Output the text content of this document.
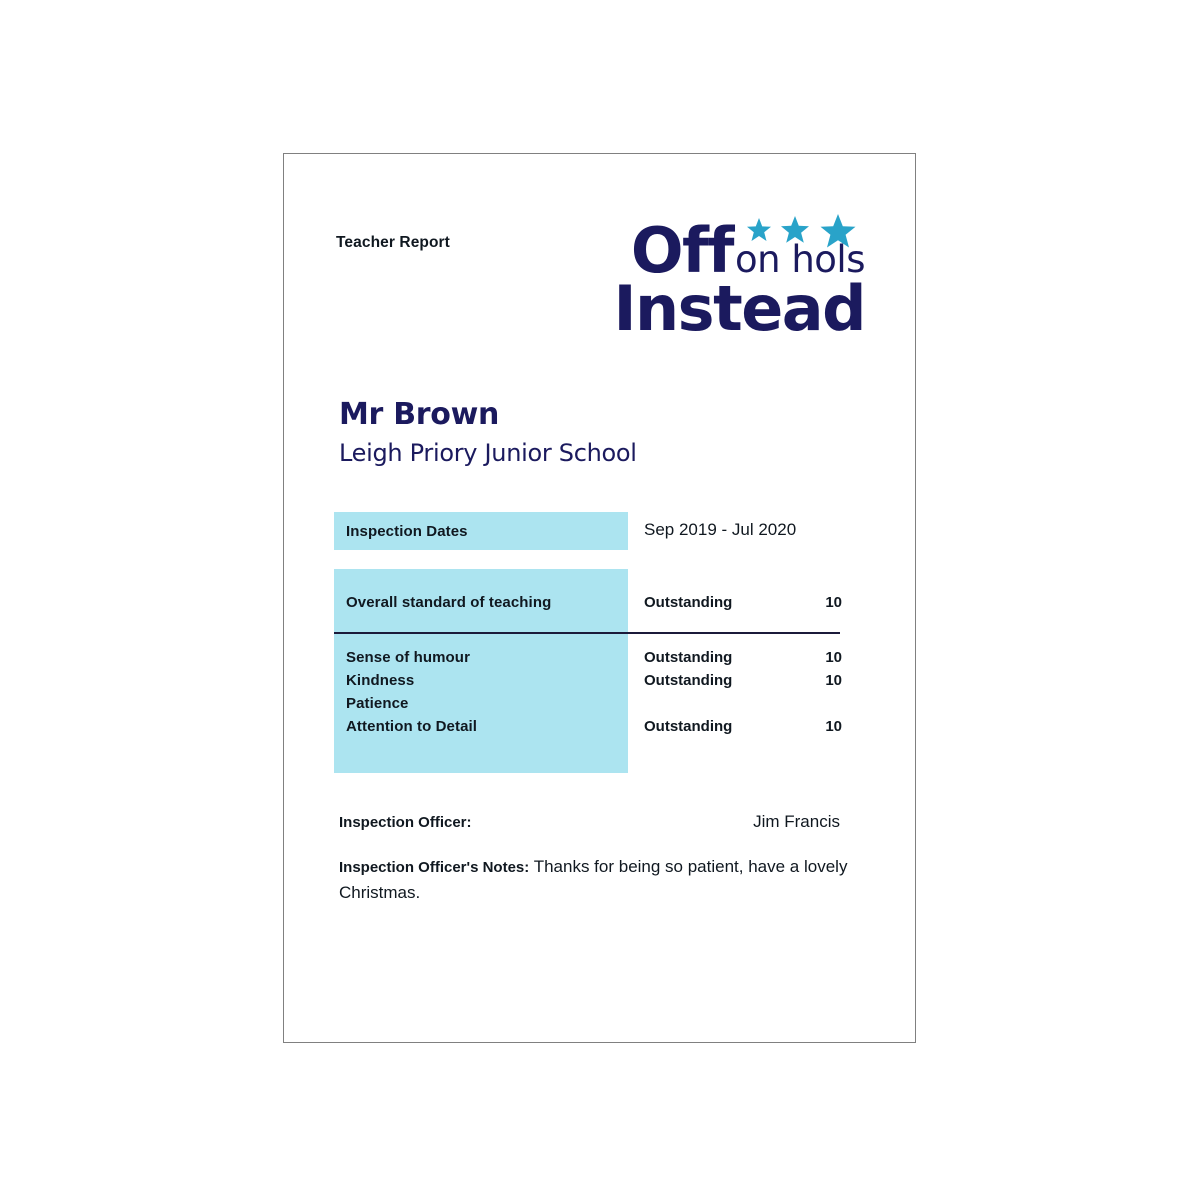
Teacher Report	Offon hols
Instead
Mr Brown
Leigh Priory Junior School
Inspection Dates	Sep 2019 - Jul 2020
Overall standard of teaching	Outstanding	10
Sense of humour	Outstanding	10
Kindness	Outstanding	10
Patience
Attention to Detail	Outstanding	10
Inspection Officer:	Jim Francis
Inspection Officer's Notes: Thanks for being so patient, have a lovely Christmas.
